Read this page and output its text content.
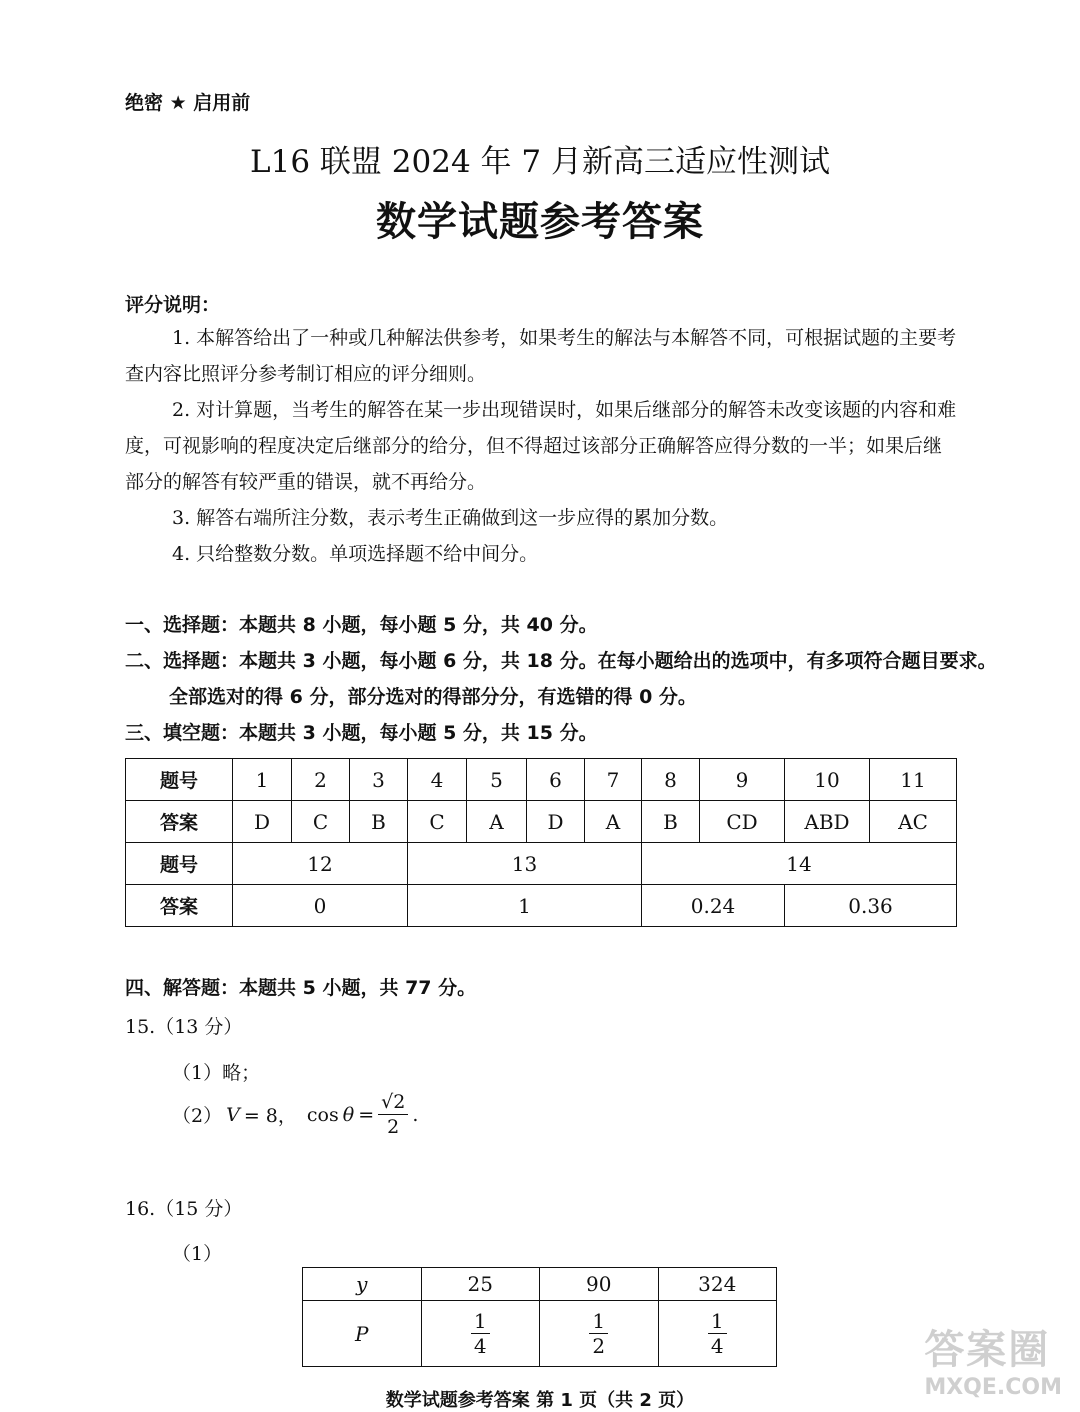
绝密 ★ 启用前
L16 联盟 2024 年 7 月新高三适应性测试
数学试题参考答案
评分说明：
1. 本解答给出了一种或几种解法供参考，如果考生的解法与本解答不同，可根据试题的主要考查内容比照评分参考制订相应的评分细则。
2. 对计算题，当考生的解答在某一步出现错误时，如果后继部分的解答未改变该题的内容和难度，可视影响的程度决定后继部分的给分，但不得超过该部分正确解答应得分数的一半；如果后继部分的解答有较严重的错误，就不再给分。
3. 解答右端所注分数，表示考生正确做到这一步应得的累加分数。
4. 只给整数分数。单项选择题不给中间分。
一、选择题：本题共 8 小题，每小题 5 分，共 40 分。
二、选择题：本题共 3 小题，每小题 6 分，共 18 分。在每小题给出的选项中，有多项符合题目要求。全部选对的得 6 分，部分选对的得部分分，有选错的得 0 分。
三、填空题：本题共 3 小题，每小题 5 分，共 15 分。
题号	1	2	3	4	5	6	7	8	9	10	11
答案	D	C	B	C	A	D	A	B	CD	ABD	AC
题号	12			13				14			
答案	0			1				0.24		0.36	
四、解答题：本题共 5 小题，共 77 分。
15.（13 分）
（1）略；
（2） V = 8， $\cos \theta = \frac{√2}{2}$ .
16.（15 分）
（1）
y	25	90	324
P	$\frac{1}{4}$	$\frac{1}{2}$	$\frac{1}{4}$
数学试题参考答案 第 1 页（共 2 页）
答案圈
MXQE.COM
